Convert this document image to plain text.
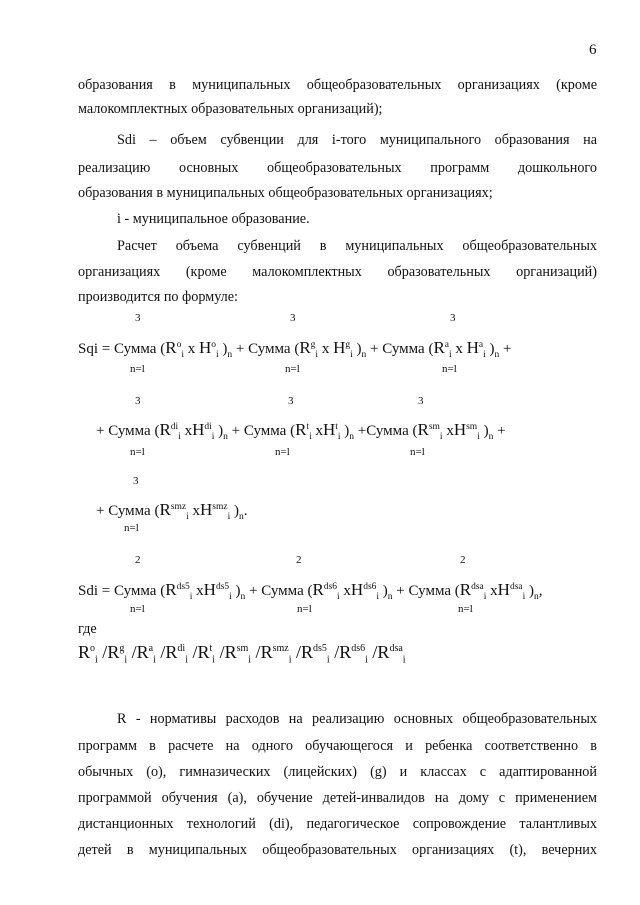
6
образования в муниципальных общеобразовательных организациях (кроме
малокомплектных образовательных организаций);
Sdi – объем субвенции для i-того муниципального образования на
реализацию основных общеобразовательных программ дошкольного
образования в муниципальных общеобразовательных организациях;
i - муниципальное образование.
Расчет объема субвенций в муниципальных общеобразовательных
организациях (кроме малокомплектных образовательных организаций)
производится по формуле:
3	3	3
Sqi = Сумма ($R^o_i$ x $H^o_i$ )$_n$ + Сумма ($R^g_i$ x $H^g_i$ )$_n$ + Сумма ($R^a_i$ x $H^a_i$ )$_n$ +
n=l	n=l	n=l
3	3	3
+ Сумма ($R^{di}_i$ $xH^{di}_i$ )$_n$ + Сумма ($R^t_i$ $xH^t_i$ )$_n$ +Сумма ($R^{sm}_i$ $xH^{sm}_i$ )$_n$ +
n=l	n=l	n=l
3
+ Сумма ($R^{smz}_i$ $xH^{smz}_i$ )$_n$.
n=l
2	2	2
Sdi = Сумма ($R^{ds5}_i$ $xH^{ds5}_i$ )$_n$ + Сумма ($R^{ds6}_i$ $xH^{ds6}_i$ )$_n$ + Сумма ($R^{dsa}_i$ $xH^{dsa}_i$ )$_n$,
n=l	n=l	n=l
где
$R^o_i$ $/R^g_i$ $/R^a_i$ $/R^{di}_i$ $/R^t_i$ $/R^{sm}_i$ $/R^{smz}_i$ $/R^{ds5}_i$ $/R^{ds6}_i$ $/R^{dsa}_i$
R - нормативы расходов на реализацию основных общеобразовательных
программ в расчете на одного обучающегося и ребенка соответственно в
обычных (о), гимназических (лицейских) (g) и классах с адаптированной
программой обучения (а), обучение детей-инвалидов на дому с применением
дистанционных технологий (di), педагогическое сопровождение талантливых
детей в муниципальных общеобразовательных организациях (t), вечерних
